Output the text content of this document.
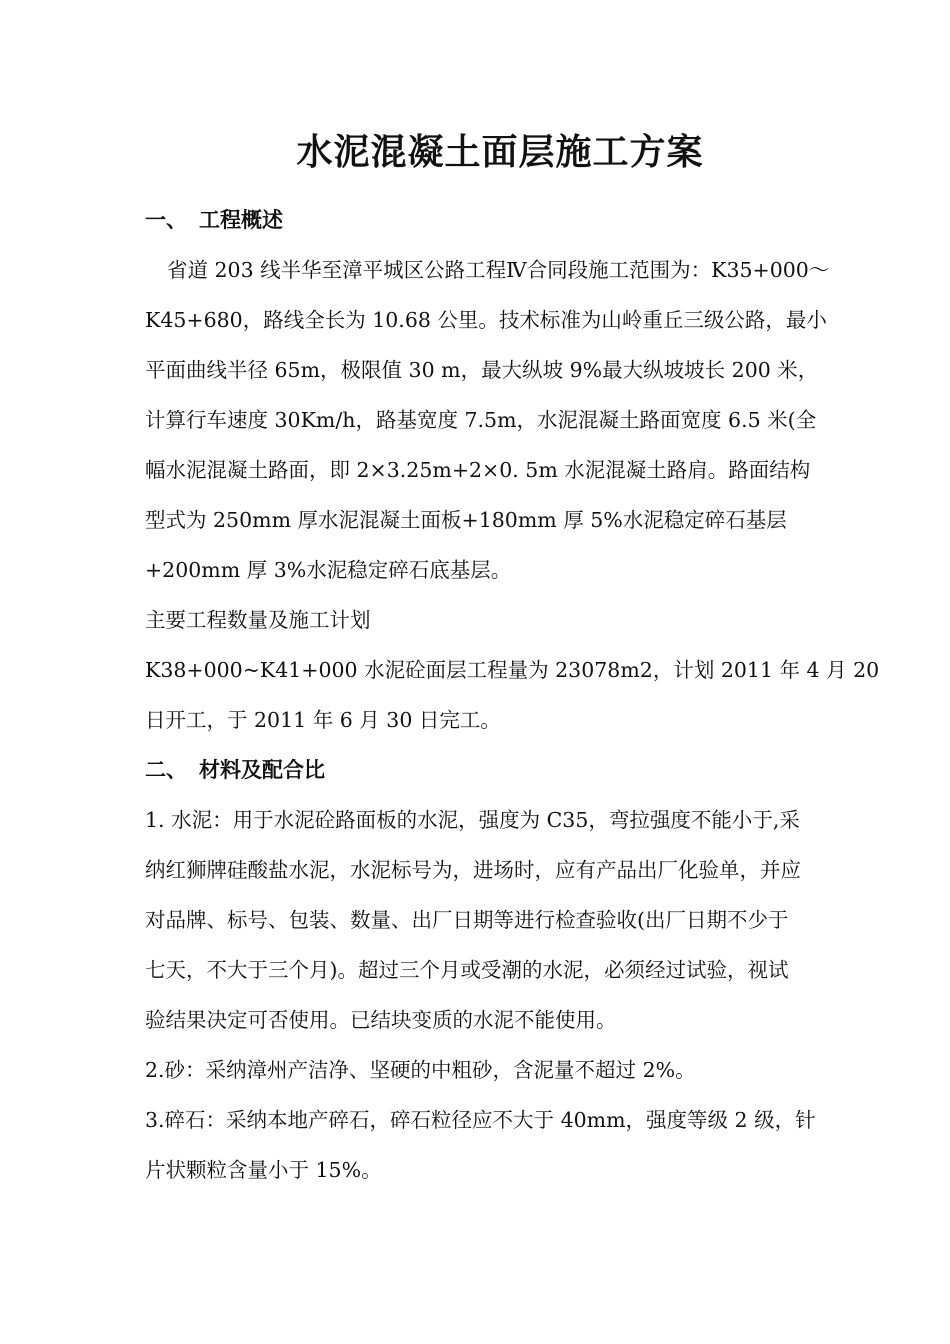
水泥混凝土面层施工方案
一、 工程概述
省道 203 线半华至漳平城区公路工程Ⅳ合同段施工范围为：K35+000～
K45+680，路线全长为 10.68 公里。技术标准为山岭重丘三级公路，最小
平面曲线半径 65m，极限值 30 m，最大纵坡 9%最大纵坡坡长 200 米，
计算行车速度 30Km/h，路基宽度 7.5m，水泥混凝土路面宽度 6.5 米(全
幅水泥混凝土路面，即 2×3.25m+2×0. 5m 水泥混凝土路肩。路面结构
型式为 250mm 厚水泥混凝土面板+180mm 厚 5%水泥稳定碎石基层
+200mm 厚 3%水泥稳定碎石底基层。
主要工程数量及施工计划
K38+000~K41+000 水泥砼面层工程量为 23078m2，计划 2011 年 4 月 20
日开工，于 2011 年 6 月 30 日完工。
二、 材料及配合比
1. 水泥：用于水泥砼路面板的水泥，强度为 C35，弯拉强度不能小于,采
纳红狮牌硅酸盐水泥，水泥标号为，进场时，应有产品出厂化验单，并应
对品牌、标号、包装、数量、出厂日期等进行检查验收(出厂日期不少于
七天，不大于三个月)。超过三个月或受潮的水泥，必须经过试验，视试
验结果决定可否使用。已结块变质的水泥不能使用。
2.砂：采纳漳州产洁净、坚硬的中粗砂，含泥量不超过 2%。
3.碎石：采纳本地产碎石，碎石粒径应不大于 40mm，强度等级 2 级，针
片状颗粒含量小于 15%。
